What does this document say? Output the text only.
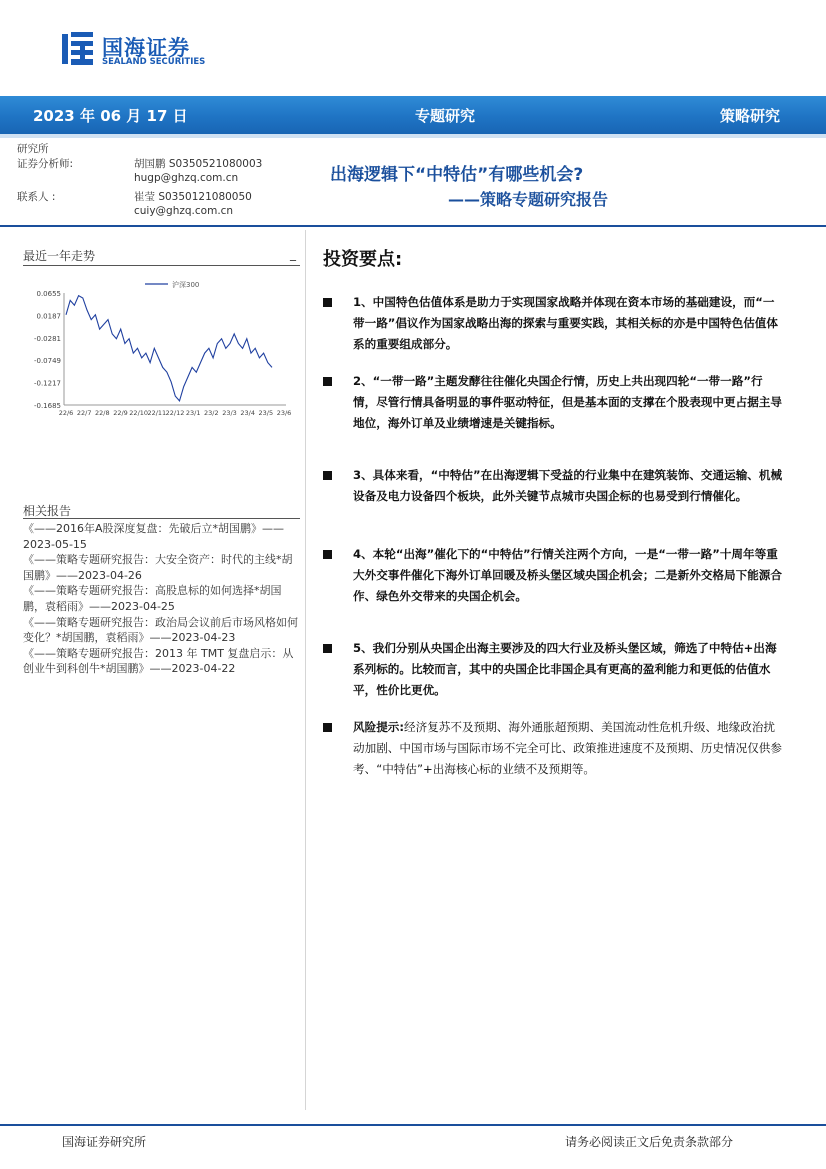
国海证券
SEALAND SECURITIES
2023 年 06 月 17 日	专题研究	策略研究
研究所
证券分析师:	胡国鹏 S0350521080003
hugp@ghzq.com.cn
联系人 :	崔莹 S0350121080050
cuiy@ghzq.com.cn
出海逻辑下“中特估”有哪些机会?
——策略专题研究报告
最近一年走势	_
0.0655
0.0187
-0.0281
-0.0749
-0.1217
-0.1685
22/6 22/7 22/8 22/9 22/10 22/11 22/12 23/1 23/2 23/3 23/4 23/5 23/6
沪深300
相关报告
《——2016年A股深度复盘：先破后立*胡国鹏》——2023-05-15
《——策略专题研究报告：大安全资产：时代的主线*胡国鹏》——2023-04-26
《——策略专题研究报告：高股息标的如何选择*胡国鹏，袁稻雨》——2023-04-25
《——策略专题研究报告：政治局会议前后市场风格如何变化？*胡国鹏，袁稻雨》——2023-04-23
《——策略专题研究报告：2013 年 TMT 复盘启示：从创业牛到科创牛*胡国鹏》——2023-04-22
投资要点:
1、中国特色估值体系是助力于实现国家战略并体现在资本市场的基础建设，而“一带一路”倡议作为国家战略出海的探索与重要实践，其相关标的亦是中国特色估值体系的重要组成部分。
2、“一带一路”主题发酵往往催化央国企行情，历史上共出现四轮“一带一路”行情，尽管行情具备明显的事件驱动特征，但是基本面的支撑在个股表现中更占据主导地位，海外订单及业绩增速是关键指标。
3、具体来看，“中特估”在出海逻辑下受益的行业集中在建筑装饰、交通运输、机械设备及电力设备四个板块，此外关键节点城市央国企标的也易受到行情催化。
4、本轮“出海”催化下的“中特估”行情关注两个方向，一是“一带一路”十周年等重大外交事件催化下海外订单回暖及桥头堡区域央国企机会；二是新外交格局下能源合作、绿色外交带来的央国企机会。
5、我们分别从央国企出海主要涉及的四大行业及桥头堡区域，筛选了中特估+出海系列标的。比较而言，其中的央国企比非国企具有更高的盈利能力和更低的估值水平，性价比更优。
风险提示:经济复苏不及预期、海外通胀超预期、美国流动性危机升级、地缘政治扰动加剧、中国市场与国际市场不完全可比、政策推进速度不及预期、历史情况仅供参考、“中特估”+出海核心标的业绩不及预期等。
国海证券研究所	请务必阅读正文后免责条款部分
